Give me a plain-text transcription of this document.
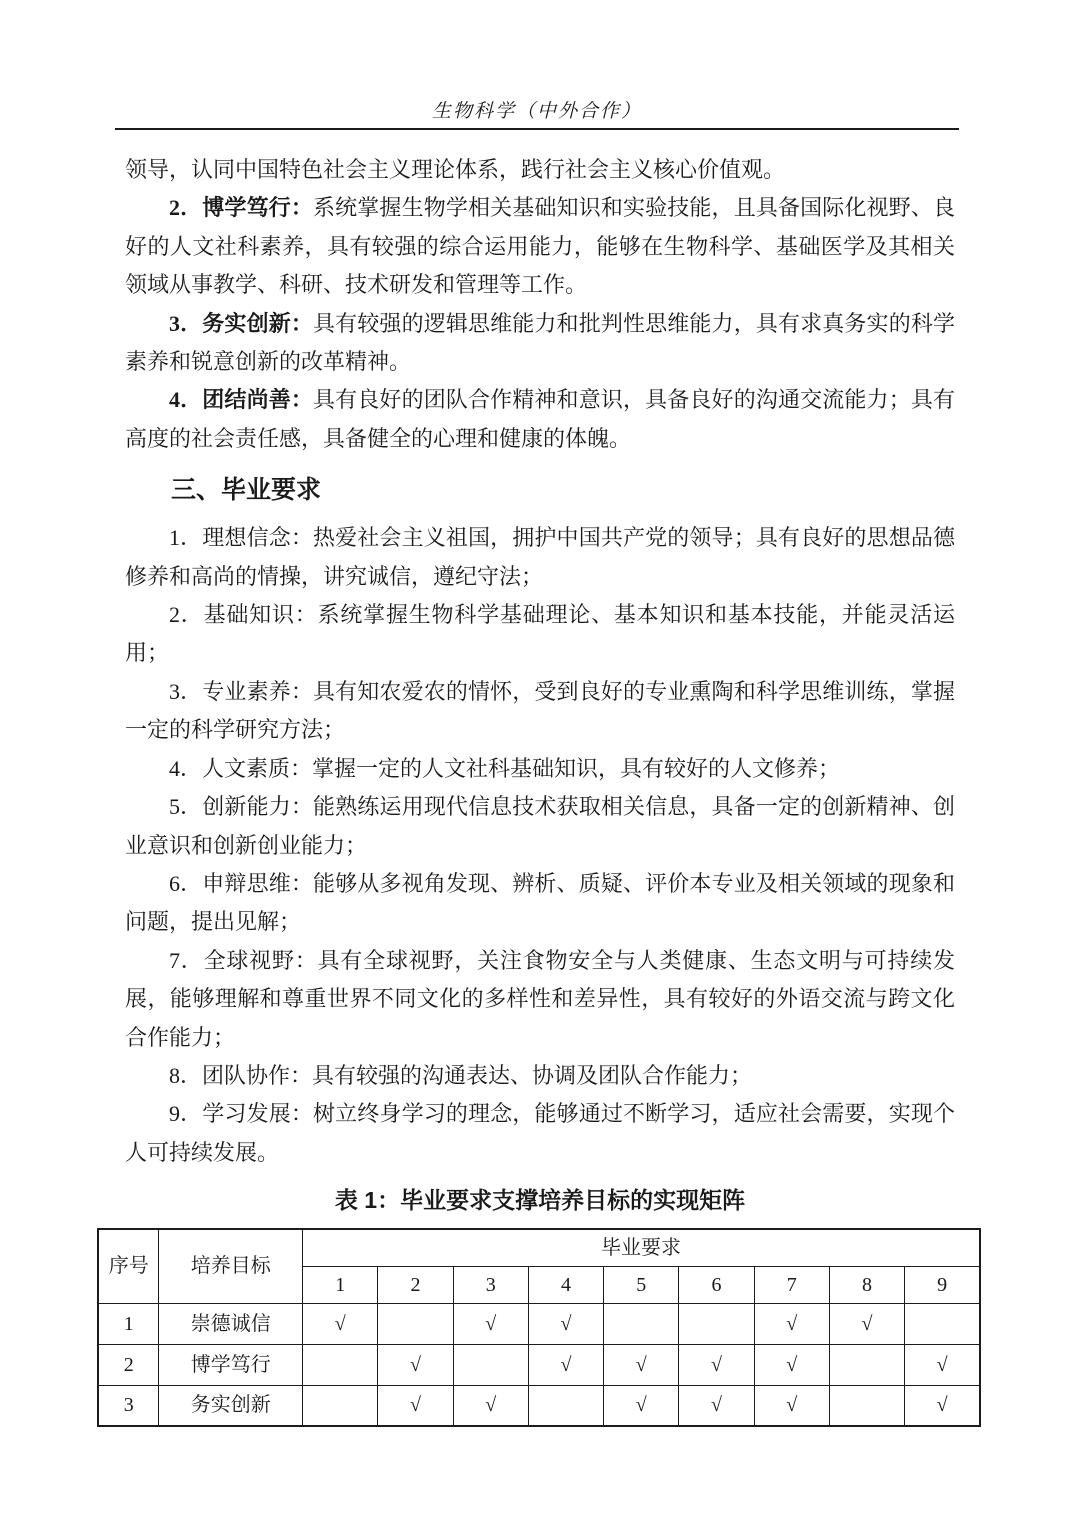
生物科学（中外合作）

领导，认同中国特色社会主义理论体系，践行社会主义核心价值观。

2．博学笃行：系统掌握生物学相关基础知识和实验技能，且具备国际化视野、良好的人文社科素养，具有较强的综合运用能力，能够在生物科学、基础医学及其相关领域从事教学、科研、技术研发和管理等工作。

3．务实创新：具有较强的逻辑思维能力和批判性思维能力，具有求真务实的科学素养和锐意创新的改革精神。

4．团结尚善：具有良好的团队合作精神和意识，具备良好的沟通交流能力；具有高度的社会责任感，具备健全的心理和健康的体魄。

三、毕业要求

1．理想信念：热爱社会主义祖国，拥护中国共产党的领导；具有良好的思想品德修养和高尚的情操，讲究诚信，遵纪守法；

2．基础知识：系统掌握生物科学基础理论、基本知识和基本技能，并能灵活运用；

3．专业素养：具有知农爱农的情怀，受到良好的专业熏陶和科学思维训练，掌握一定的科学研究方法；

4．人文素质：掌握一定的人文社科基础知识，具有较好的人文修养；

5．创新能力：能熟练运用现代信息技术获取相关信息，具备一定的创新精神、创业意识和创新创业能力；

6．申辩思维：能够从多视角发现、辨析、质疑、评价本专业及相关领域的现象和问题，提出见解；

7．全球视野：具有全球视野，关注食物安全与人类健康、生态文明与可持续发展，能够理解和尊重世界不同文化的多样性和差异性，具有较好的外语交流与跨文化合作能力；

8．团队协作：具有较强的沟通表达、协调及团队合作能力；

9．学习发展：树立终身学习的理念，能够通过不断学习，适应社会需要，实现个人可持续发展。

表 1：毕业要求支撑培养目标的实现矩阵
序号	培养目标	毕业要求								
		1	2	3	4	5	6	7	8	9
1	崇德诚信	√		√	√			√	√	
2	博学笃行		√		√	√	√	√		√
3	务实创新		√	√		√	√	√		√
